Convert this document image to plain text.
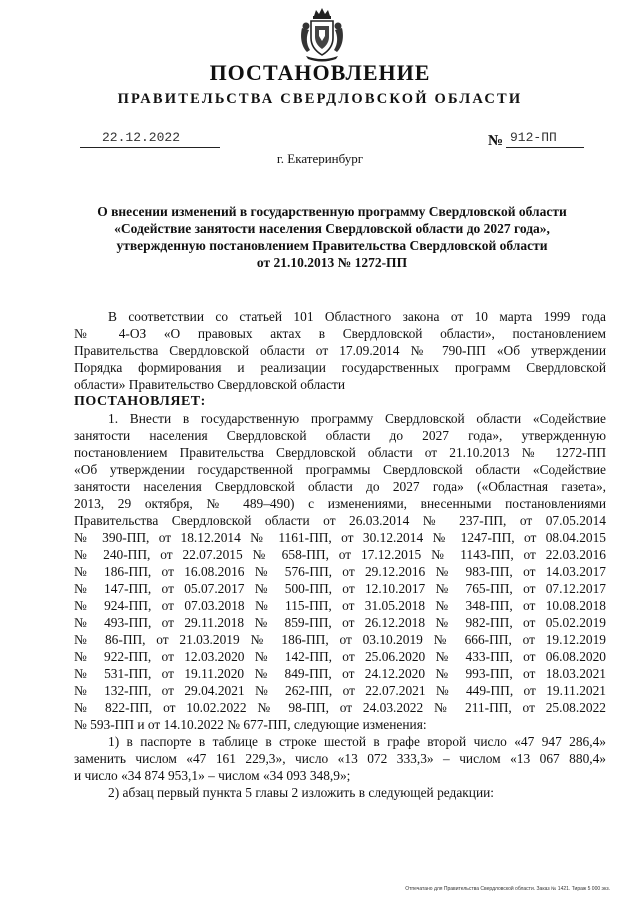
ПОСТАНОВЛЕНИЕ
ПРАВИТЕЛЬСТВА СВЕРДЛОВСКОЙ ОБЛАСТИ
22.12.2022	№ 912-ПП
г. Екатеринбург
О внесении изменений в государственную программу Свердловской области
«Содействие занятости населения Свердловской области до 2027 года»,
утвержденную постановлением Правительства Свердловской области
от 21.10.2013 № 1272-ПП
В соответствии со статьей 101 Областного закона от 10 марта 1999 года
№ 4-ОЗ «О правовых актах в Свердловской области», постановлением
Правительства Свердловской области от 17.09.2014 № 790-ПП «Об утверждении
Порядка формирования и реализации государственных программ Свердловской
области» Правительство Свердловской области
ПОСТАНОВЛЯЕТ:
1. Внести в государственную программу Свердловской области «Содействие
занятости населения Свердловской области до 2027 года», утвержденную
постановлением Правительства Свердловской области от 21.10.2013 № 1272-ПП
«Об утверждении государственной программы Свердловской области «Содействие
занятости населения Свердловской области до 2027 года» («Областная газета»,
2013, 29 октября, № 489–490) с изменениями, внесенными постановлениями
Правительства Свердловской области от 26.03.2014 № 237-ПП, от 07.05.2014
№ 390-ПП, от 18.12.2014 № 1161-ПП, от 30.12.2014 № 1247-ПП, от 08.04.2015
№ 240-ПП, от 22.07.2015 № 658-ПП, от 17.12.2015 № 1143-ПП, от 22.03.2016
№ 186-ПП, от 16.08.2016 № 576-ПП, от 29.12.2016 № 983-ПП, от 14.03.2017
№ 147-ПП, от 05.07.2017 № 500-ПП, от 12.10.2017 № 765-ПП, от 07.12.2017
№ 924-ПП, от 07.03.2018 № 115-ПП, от 31.05.2018 № 348-ПП, от 10.08.2018
№ 493-ПП, от 29.11.2018 № 859-ПП, от 26.12.2018 № 982-ПП, от 05.02.2019
№ 86-ПП, от 21.03.2019 № 186-ПП, от 03.10.2019 № 666-ПП, от 19.12.2019
№ 922-ПП, от 12.03.2020 № 142-ПП, от 25.06.2020 № 433-ПП, от 06.08.2020
№ 531-ПП, от 19.11.2020 № 849-ПП, от 24.12.2020 № 993-ПП, от 18.03.2021
№ 132-ПП, от 29.04.2021 № 262-ПП, от 22.07.2021 № 449-ПП, от 19.11.2021
№ 822-ПП, от 10.02.2022 № 98-ПП, от 24.03.2022 № 211-ПП, от 25.08.2022
№ 593-ПП и от 14.10.2022 № 677-ПП, следующие изменения:
1) в паспорте в таблице в строке шестой в графе второй число «47 947 286,4»
заменить числом «47 161 229,3», число «13 072 333,3» – числом «13 067 880,4»
и число «34 874 953,1» – числом «34 093 348,9»;
2) абзац первый пункта 5 главы 2 изложить в следующей редакции:
Отпечатано для Правительства Свердловской области. Заказ № 1421. Тираж 5 000 экз.
